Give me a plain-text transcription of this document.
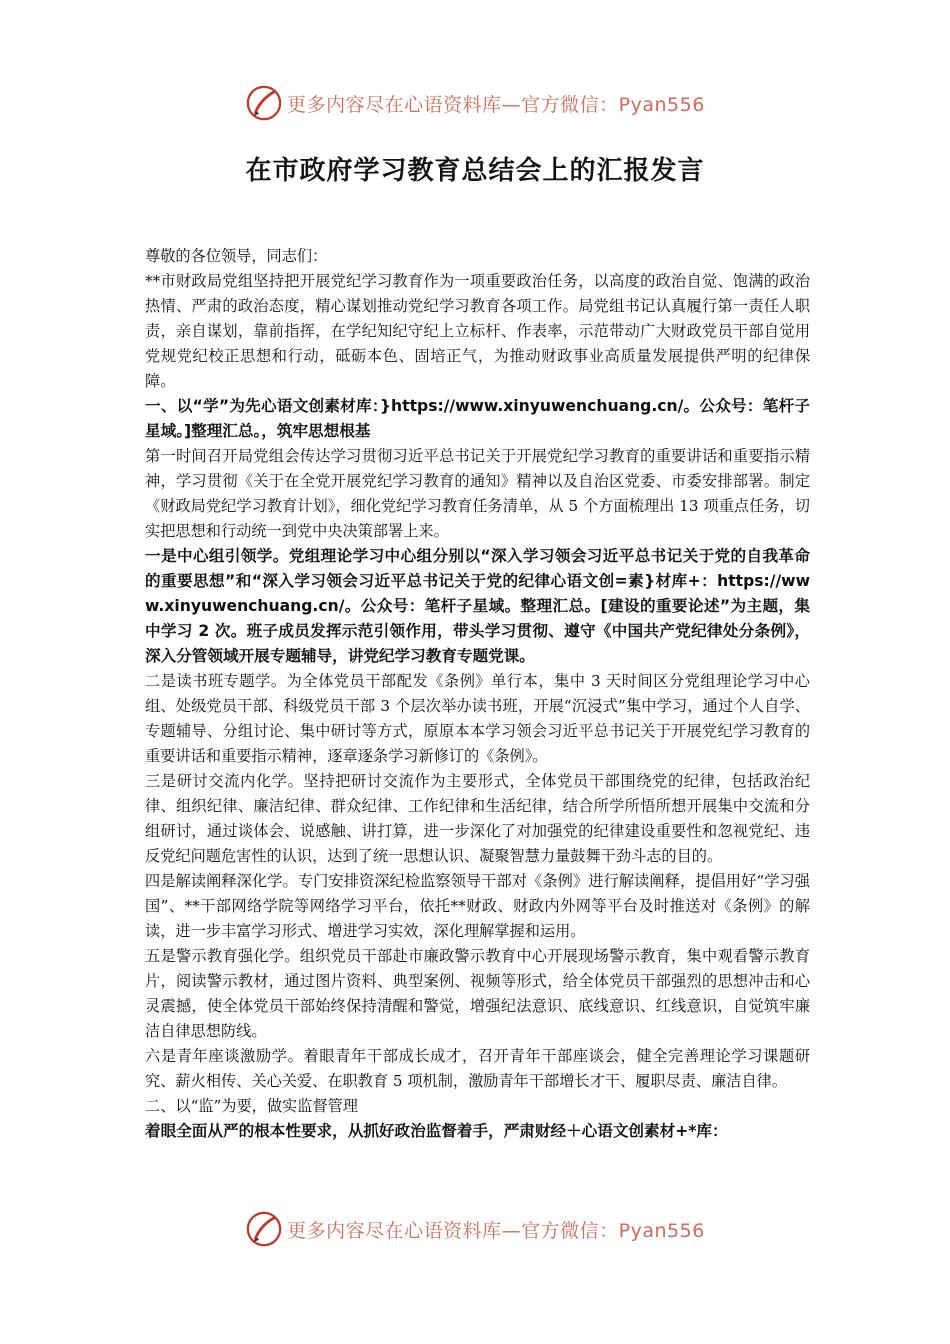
更多内容尽在心语资料库—官方微信：Pyan556
在市政府学习教育总结会上的汇报发言

尊敬的各位领导，同志们：

**市财政局党组坚持把开展党纪学习教育作为一项重要政治任务，以高度的政治自觉、饱满的政治热情、严肃的政治态度，精心谋划推动党纪学习教育各项工作。局党组书记认真履行第一责任人职责，亲自谋划，靠前指挥，在学纪知纪守纪上立标杆、作表率，示范带动广大财政党员干部自觉用党规党纪校正思想和行动，砥砺本色、固培正气，为推动财政事业高质量发展提供严明的纪律保障。

一、以“学”为先心语文创素材库：}https://www.xinyuwenchuang.cn/。公众号：笔杆子星域。]整理汇总。，筑牢思想根基

第一时间召开局党组会传达学习贯彻习近平总书记关于开展党纪学习教育的重要讲话和重要指示精神，学习贯彻《关于在全党开展党纪学习教育的通知》精神以及自治区党委、市委安排部署。制定《财政局党纪学习教育计划》，细化党纪学习教育任务清单，从 5 个方面梳理出 13 项重点任务，切实把思想和行动统一到党中央决策部署上来。

一是中心组引领学。党组理论学习中心组分别以“深入学习领会习近平总书记关于党的自我革命的重要思想”和“深入学习领会习近平总书记关于党的纪律心语文创=素}材库+：https://www.xinyuwenchuang.cn/。公众号：笔杆子星域。整理汇总。[建设的重要论述”为主题，集中学习 2 次。班子成员发挥示范引领作用，带头学习贯彻、遵守《中国共产党纪律处分条例》，深入分管领域开展专题辅导，讲党纪学习教育专题党课。

二是读书班专题学。为全体党员干部配发《条例》单行本，集中 3 天时间区分党组理论学习中心组、处级党员干部、科级党员干部 3 个层次举办读书班，开展“沉浸式”集中学习，通过个人自学、专题辅导、分组讨论、集中研讨等方式，原原本本学习领会习近平总书记关于开展党纪学习教育的重要讲话和重要指示精神，逐章逐条学习新修订的《条例》。

三是研讨交流内化学。坚持把研讨交流作为主要形式，全体党员干部围绕党的纪律，包括政治纪律、组织纪律、廉洁纪律、群众纪律、工作纪律和生活纪律，结合所学所悟所想开展集中交流和分组研讨，通过谈体会、说感触、讲打算，进一步深化了对加强党的纪律建设重要性和忽视党纪、违反党纪问题危害性的认识，达到了统一思想认识、凝聚智慧力量鼓舞干劲斗志的目的。

四是解读阐释深化学。专门安排资深纪检监察领导干部对《条例》进行解读阐释，提倡用好“学习强国”、**干部网络学院等网络学习平台，依托**财政、财政内外网等平台及时推送对《条例》的解读，进一步丰富学习形式、增进学习实效，深化理解掌握和运用。

五是警示教育强化学。组织党员干部赴市廉政警示教育中心开展现场警示教育，集中观看警示教育片，阅读警示教材，通过图片资料、典型案例、视频等形式，给全体党员干部强烈的思想冲击和心灵震撼，使全体党员干部始终保持清醒和警觉，增强纪法意识、底线意识、红线意识，自觉筑牢廉洁自律思想防线。

六是青年座谈激励学。着眼青年干部成长成才，召开青年干部座谈会，健全完善理论学习课题研究、薪火相传、关心关爱、在职教育 5 项机制，激励青年干部增长才干、履职尽责、廉洁自律。

二、以“监”为要，做实监督管理

着眼全面从严的根本性要求，从抓好政治监督着手，严肃财经＋心语文创素材+*库：

更多内容尽在心语资料库—官方微信：Pyan556
